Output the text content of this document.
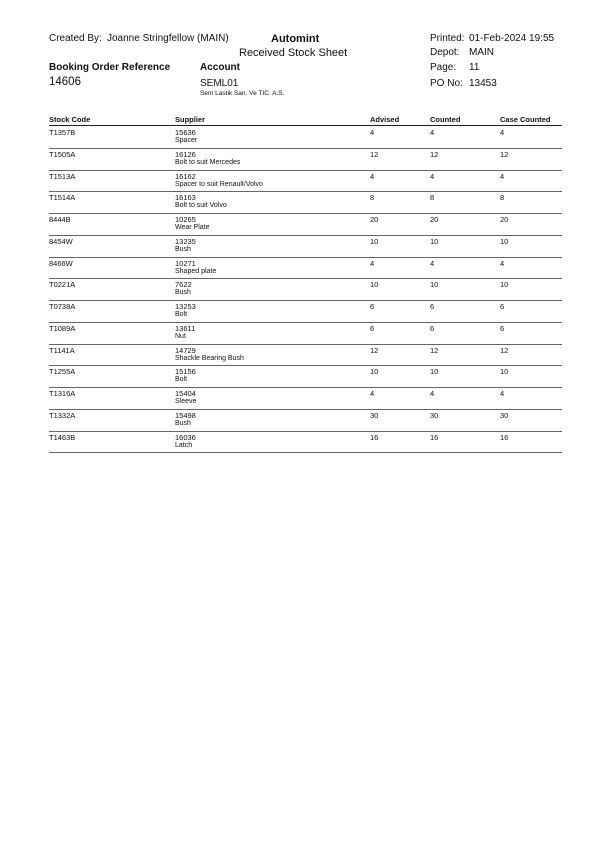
Created By: Joanne Stringfellow (MAIN)	Automint
Received Stock Sheet
Printed: 01-Feb-2024 19:55
Depot: MAIN
Page: 11
PO No: 13453
Booking Order Reference
14606
Account
SEML01
Sem Lastik San. Ve TIC. A.S.
Stock Code	Supplier	Advised	Counted	Case Counted
T1357B	15636	4	4	4
Spacer
T1505A	16126	12	12	12
Bolt to suit Mercedes
T1513A	16162	4	4	4
Spacer to suit Renault/Volvo
T1514A	16163	8	8	8
Bolt to suit Volvo
8444B	10265	20	20	20
Wear Plate
8454W	13235	10	10	10
Bush
8466W	10271	4	4	4
Shaped plate
T0221A	7622	10	10	10
Bush
T0738A	13253	6	6	6
Bolt
T1089A	13611	6	6	6
Nut
T1141A	14729	12	12	12
Shackle Bearing Bush
T1255A	15156	10	10	10
Bolt
T1316A	15404	4	4	4
Sleeve
T1332A	15498	30	30	30
Bush
T1463B	16036	16	16	16
Latch
